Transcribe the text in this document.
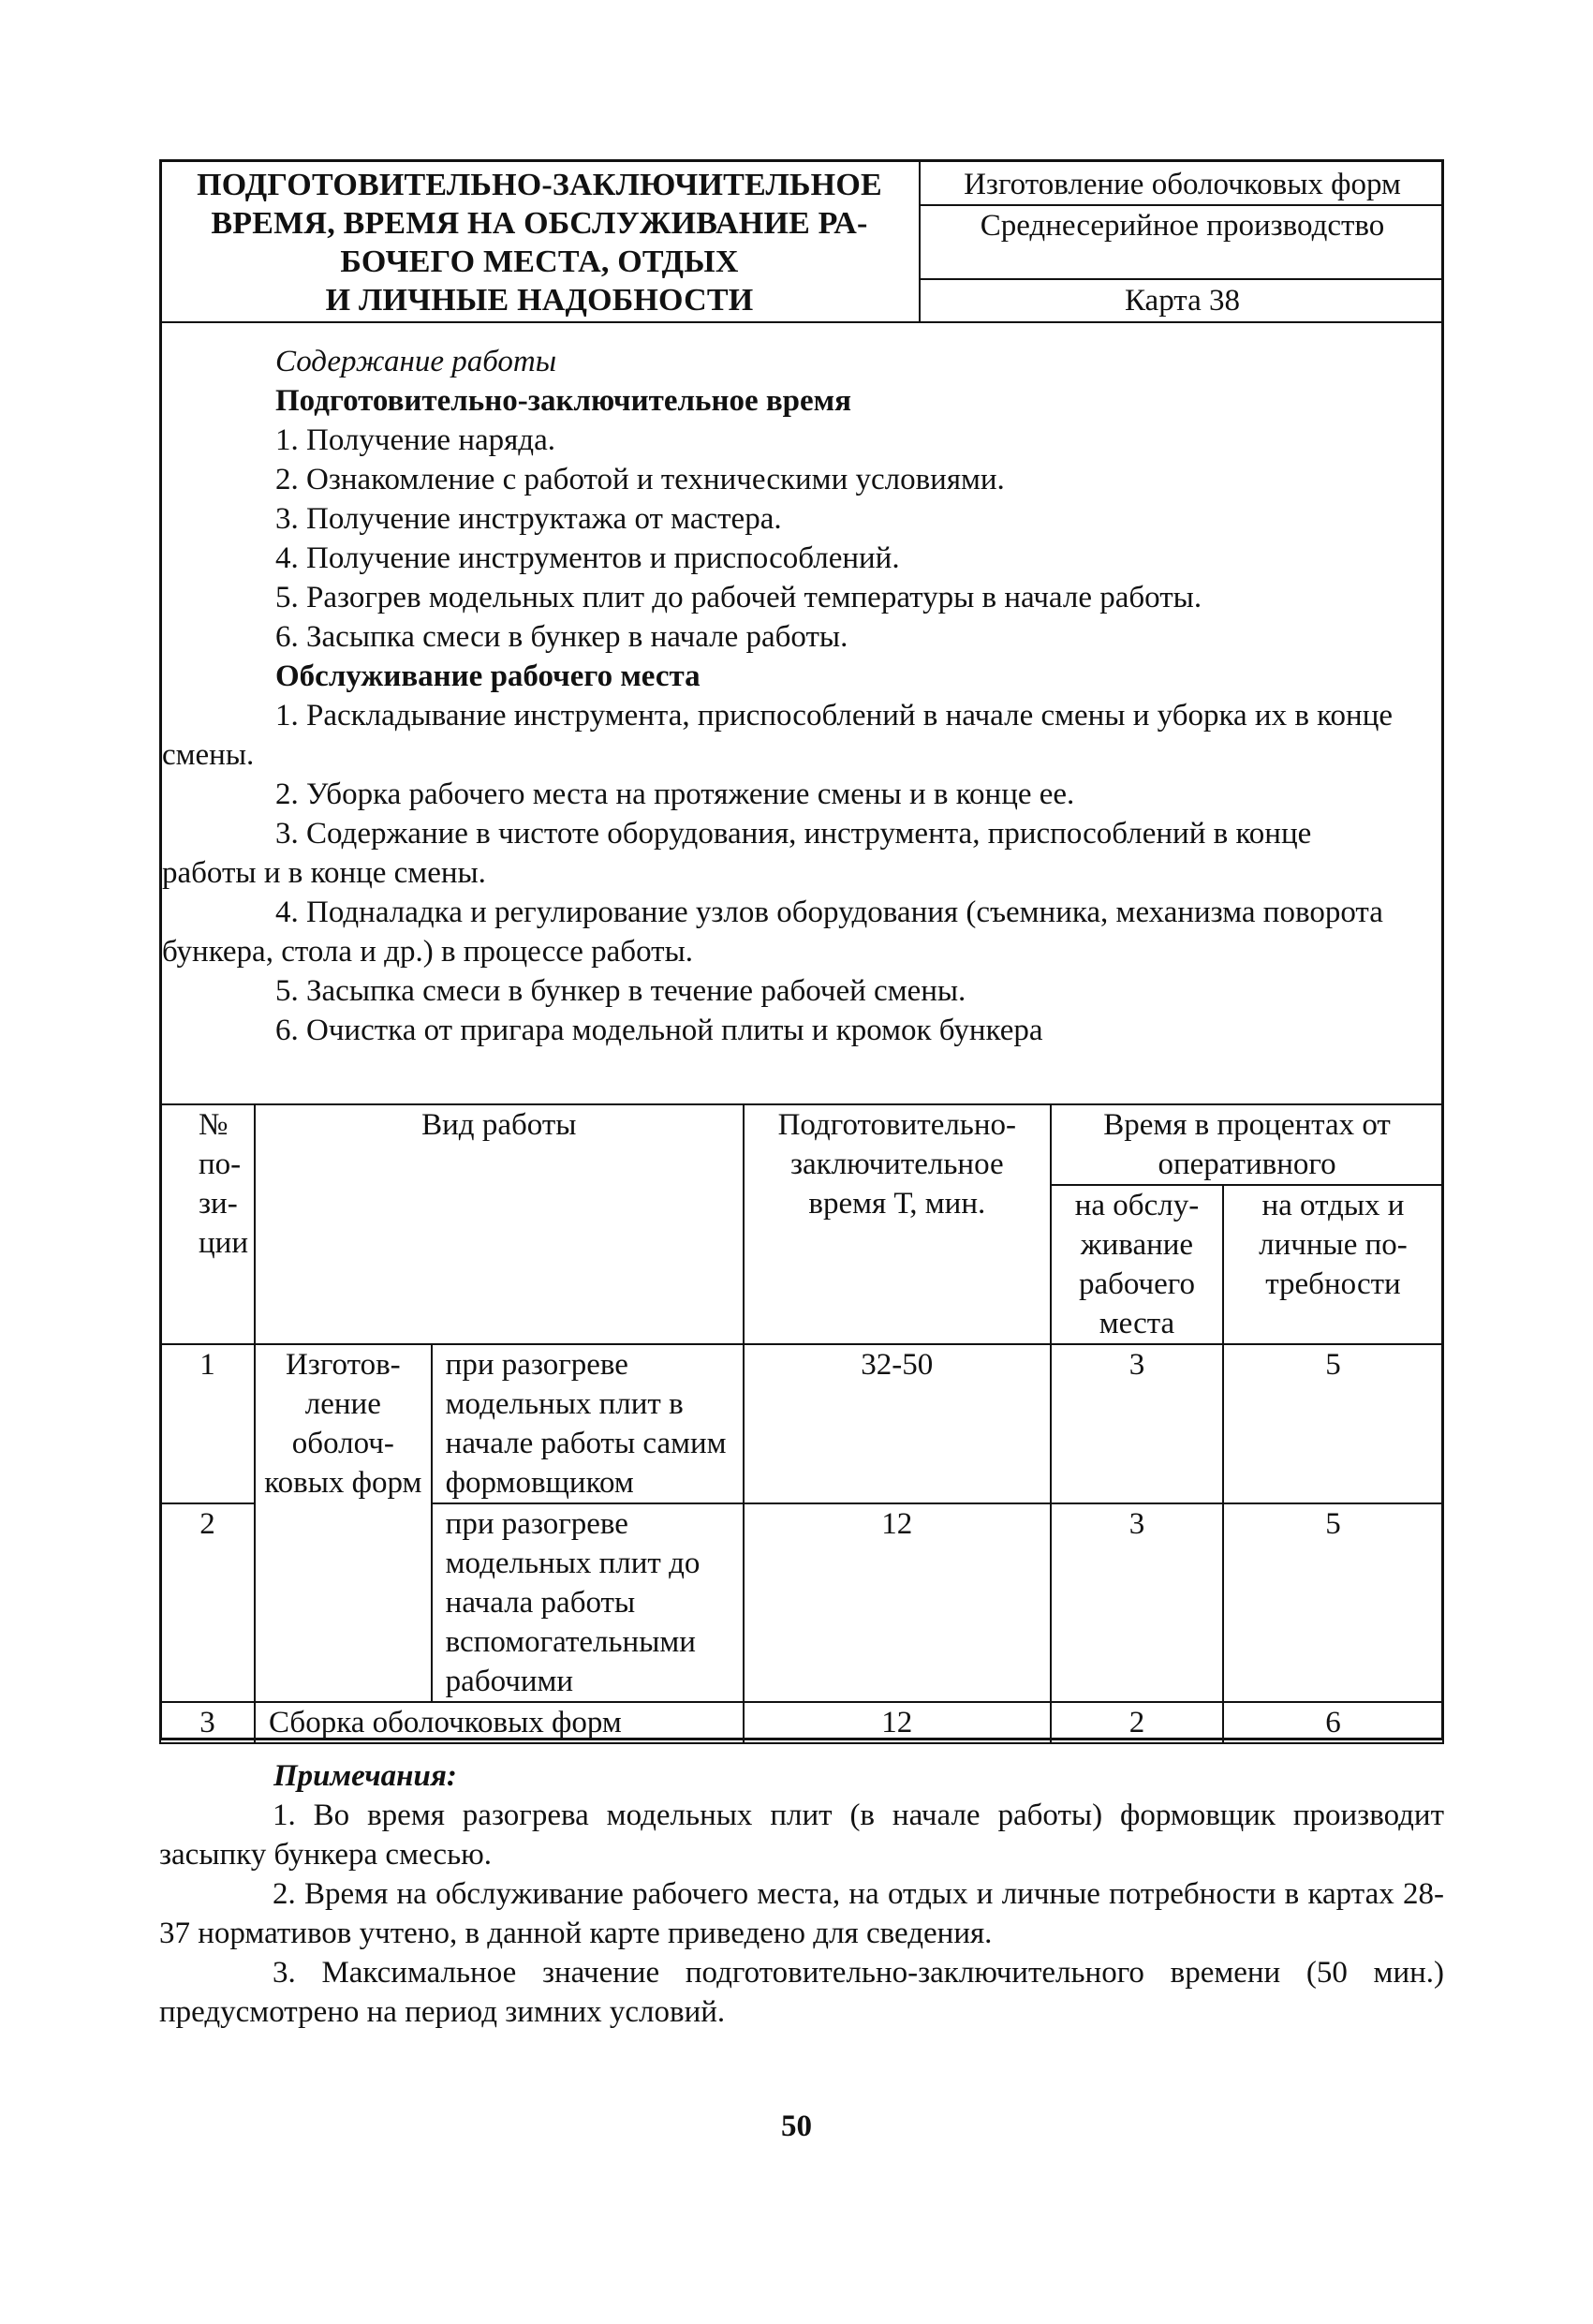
ПОДГОТОВИТЕЛЬНО-ЗАКЛЮЧИТЕЛЬНОЕ
ВРЕМЯ, ВРЕМЯ НА ОБСЛУЖИВАНИЕ РА-
БОЧЕГО МЕСТА, ОТДЫХ
И ЛИЧНЫЕ НАДОБНОСТИ
Изготовление оболочковых форм
Среднесерийное производство
Карта 38

Содержание работы

Подготовительно-заключительное время

1. Получение наряда.

2. Ознакомление с работой и техническими условиями.

3. Получение инструктажа от мастера.

4. Получение инструментов и приспособлений.

5. Разогрев модельных плит до рабочей температуры в начале работы.

6. Засыпка смеси в бункер в начале работы.

Обслуживание рабочего места

1. Раскладывание инструмента, приспособлений в начале смены и уборка их в конце смены.

2. Уборка рабочего места на протяжение смены и в конце ее.

3. Содержание в чистоте оборудования, инструмента, приспособлений в конце работы и в конце смены.

4. Подналадка и регулирование узлов оборудования (съемника, механизма поворота бункера, стола и др.) в процессе работы.

5. Засыпка смеси в бункер в течение рабочей смены.

6. Очистка от пригара модельной плиты и кромок бункера

№ по-зи-ции	Вид работы		Подготовительно-заключительное время Т, мин.	Время в процентах от оперативного	
				на обслу-живание рабочего места	на отдых и личные по-требности
1	Изготов-ление оболоч-ковых форм	при разогреве модельных плит в начале работы самим формовщиком	32-50	3	5
2		при разогреве модельных плит до начала работы вспомогательными рабочими	12	3	5
3	Сборка оболочковых форм		12	2	6

Примечания:

1. Во время разогрева модельных плит (в начале работы) формовщик производит засыпку бункера смесью.

2. Время на обслуживание рабочего места, на отдых и личные потребности в картах 28-37 нормативов учтено, в данной карте приведено для сведения.

3. Максимальное значение подготовительно-заключительного времени (50 мин.) предусмотрено на период зимних условий.

50
